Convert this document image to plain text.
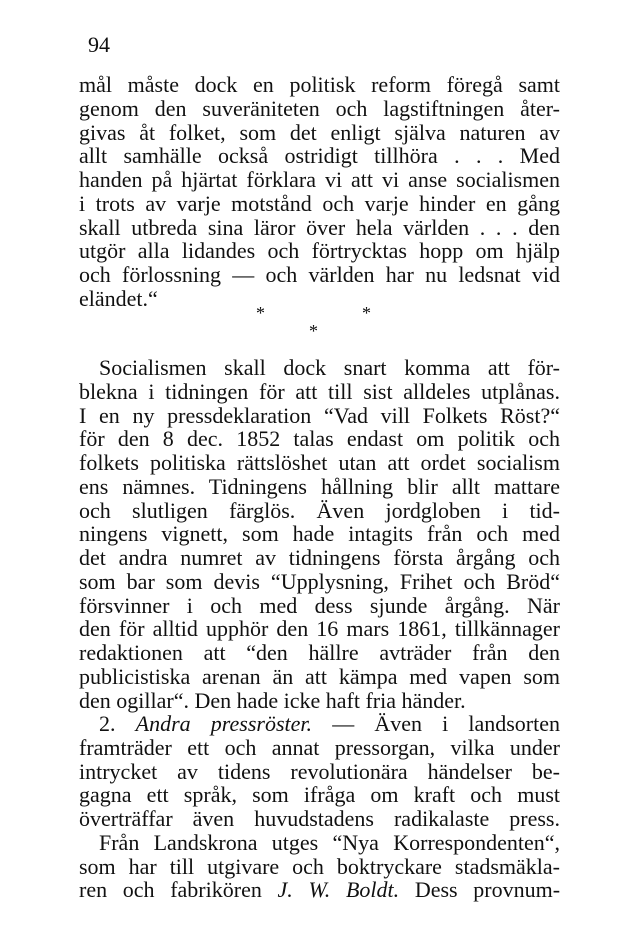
94
mål måste dock en politisk reform föregå samt
genom den suveräniteten och lagstiftningen åter-
givas åt folket, som det enligt själva naturen av
allt samhälle också ostridigt tillhöra . . . Med
handen på hjärtat förklara vi att vi anse socialismen
i trots av varje motstånd och varje hinder en gång
skall utbreda sina läror över hela världen . . . den
utgör alla lidandes och förtrycktas hopp om hjälp
och förlossning — och världen har nu ledsnat vid
eländet.“
*	*
*
Socialismen skall dock snart komma att för-
blekna i tidningen för att till sist alldeles utplånas.
I en ny pressdeklaration “Vad vill Folkets Röst?“
för den 8 dec. 1852 talas endast om politik och
folkets politiska rättslöshet utan att ordet socialism
ens nämnes. Tidningens hållning blir allt mattare
och slutligen färglös. Även jordgloben i tid-
ningens vignett, som hade intagits från och med
det andra numret av tidningens första årgång och
som bar som devis “Upplysning, Frihet och Bröd“
försvinner i och med dess sjunde årgång. När
den för alltid upphör den 16 mars 1861, tillkännager
redaktionen att “den hällre avträder från den
publicistiska arenan än att kämpa med vapen som
den ogillar“. Den hade icke haft fria händer.
2. Andra pressröster. — Även i landsorten
framträder ett och annat pressorgan, vilka under
intrycket av tidens revolutionära händelser be-
gagna ett språk, som ifråga om kraft och must
överträffar även huvudstadens radikalaste press.
Från Landskrona utges “Nya Korrespondenten“,
som har till utgivare och boktryckare stadsmäkla-
ren och fabrikören J. W. Boldt. Dess provnum-
